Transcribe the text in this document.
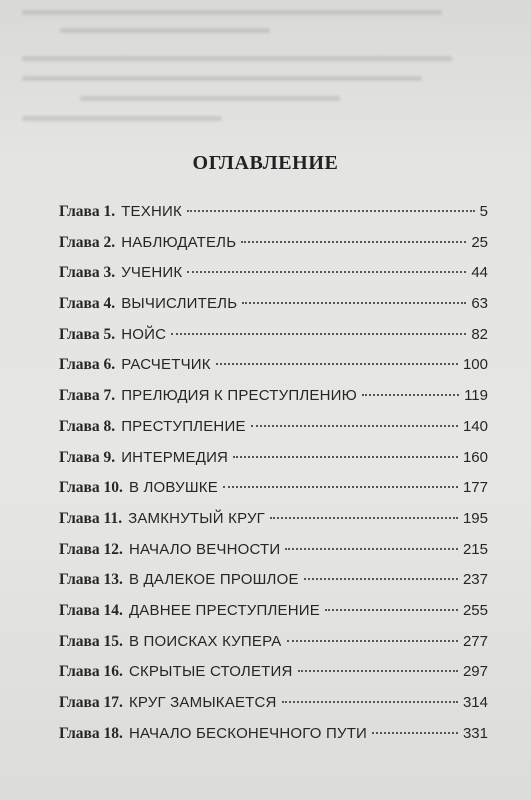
ОГЛАВЛЕНИЕ
Глава 1. ТЕХНИК	5
Глава 2. НАБЛЮДАТЕЛЬ	25
Глава 3. УЧЕНИК	44
Глава 4. ВЫЧИСЛИТЕЛЬ	63
Глава 5. НОЙС	82
Глава 6. РАСЧЕТЧИК	100
Глава 7. ПРЕЛЮДИЯ К ПРЕСТУПЛЕНИЮ	119
Глава 8. ПРЕСТУПЛЕНИЕ	140
Глава 9. ИНТЕРМЕДИЯ	160
Глава 10. В ЛОВУШКЕ	177
Глава 11. ЗАМКНУТЫЙ КРУГ	195
Глава 12. НАЧАЛО ВЕЧНОСТИ	215
Глава 13. В ДАЛЕКОЕ ПРОШЛОЕ	237
Глава 14. ДАВНЕЕ ПРЕСТУПЛЕНИЕ	255
Глава 15. В ПОИСКАХ КУПЕРА	277
Глава 16. СКРЫТЫЕ СТОЛЕТИЯ	297
Глава 17. КРУГ ЗАМЫКАЕТСЯ	314
Глава 18. НАЧАЛО БЕСКОНЕЧНОГО ПУТИ	331
